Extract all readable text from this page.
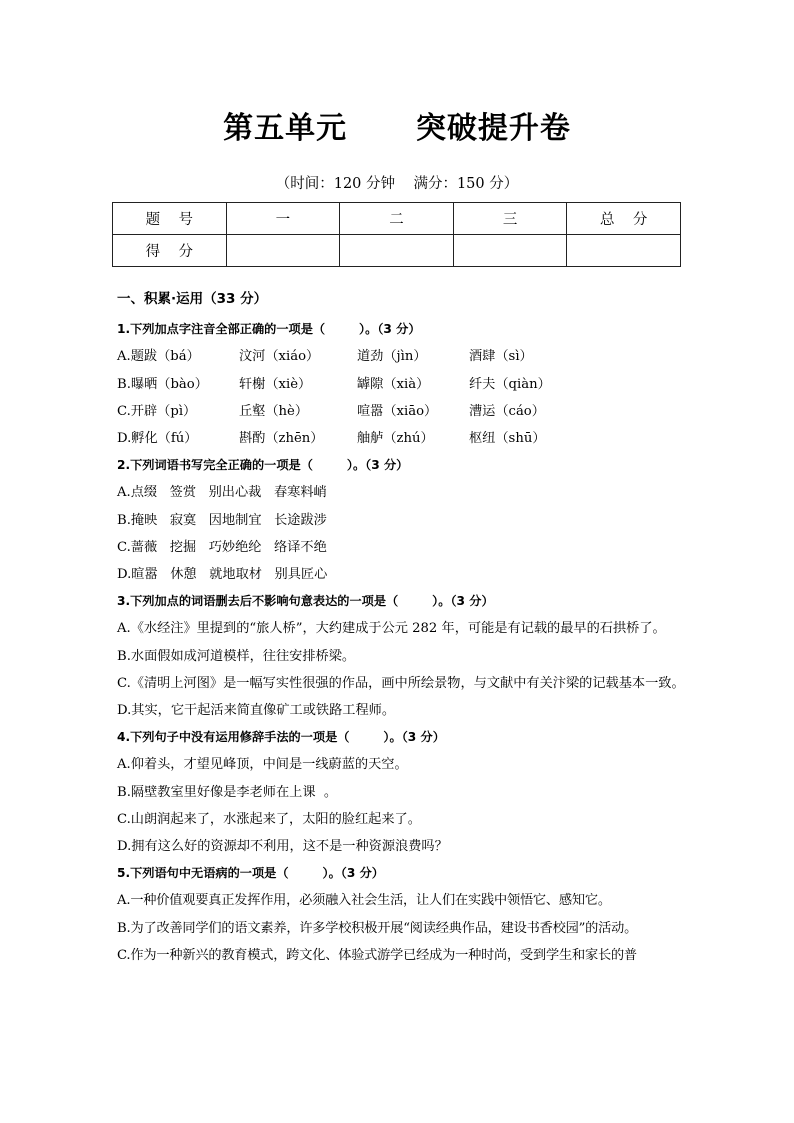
第五单元      突破提升卷
（时间：120 分钟    满分：150 分）
题    号	一	二	三	总    分
得    分				
一、积累·运用（33 分）
1.下列加点字注音全部正确的一项是（        ）。（3 分）
A.题跋（bá）	汶河（xiáo）	道劲（jìn）	酒肆（sì）
B.曝晒（bào）	轩榭（xiè）	罅隙（xià）	纤夫（qiàn）
C.开辟（pì）	丘壑（hè）	喧嚣（xiāo）	漕运（cáo）
D.孵化（fú）	斟酌（zhēn）	舳舻（zhú）	枢纽（shū）
2.下列词语书写完全正确的一项是（        ）。（3 分）
A.点缀   签赏   别出心裁   春寒料峭
B.掩映   寂寞   因地制宜   长途跋涉
C.蔷薇   挖掘   巧妙绝纶   络译不绝
D.暄嚣   休憩   就地取材   别具匠心
3.下列加点的词语删去后不影响句意表达的一项是（        ）。（3 分）
A.《水经注》里提到的“旅人桥”，大约建成于公元 282 年，可能是有记载的最早的石拱桥了。
B.水面假如成河道模样，往往安排桥梁。
C.《清明上河图》是一幅写实性很强的作品，画中所绘景物，与文献中有关汴梁的记载基本一致。
D.其实，它干起活来简直像矿工或铁路工程师。
4.下列句子中没有运用修辞手法的一项是（        ）。（3 分）
A.仰着头，才望见峰顶，中间是一线蔚蓝的天空。
B.隔壁教室里好像是李老师在上课  。
C.山朗润起来了，水涨起来了，太阳的脸红起来了。
D.拥有这么好的资源却不利用，这不是一种资源浪费吗？
5.下列语句中无语病的一项是（        ）。（3 分）
A.一种价值观要真正发挥作用，必须融入社会生活，让人们在实践中领悟它、感知它。
B.为了改善同学们的语文素养，许多学校积极开展“阅读经典作品，建设书香校园”的活动。
C.作为一种新兴的教育模式，跨文化、体验式游学已经成为一种时尚，受到学生和家长的普
